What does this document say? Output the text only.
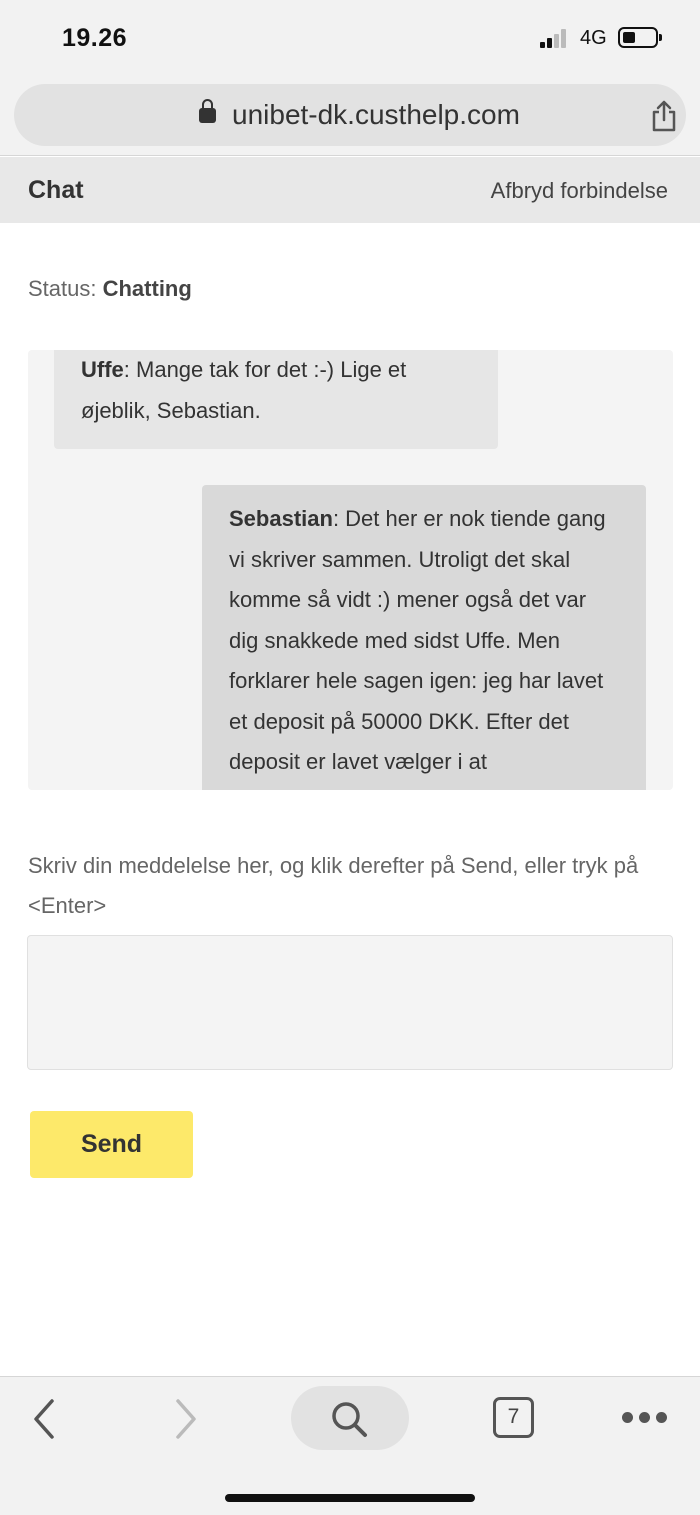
19.26	4G
unibet-dk.custhelp.com
Chat	Afbryd forbindelse
Status: Chatting
Uffe: Mange tak for det :-) Lige et øjeblik, Sebastian.
Sebastian: Det her er nok tiende gang vi skriver sammen. Utroligt det skal komme så vidt :) mener også det var dig snakkede med sidst Uffe. Men forklarer hele sagen igen: jeg har lavet et deposit på 50000 DKK. Efter det deposit er lavet vælger i at
Skriv din meddelelse her, og klik derefter på Send, eller tryk på <Enter>
Send
7
